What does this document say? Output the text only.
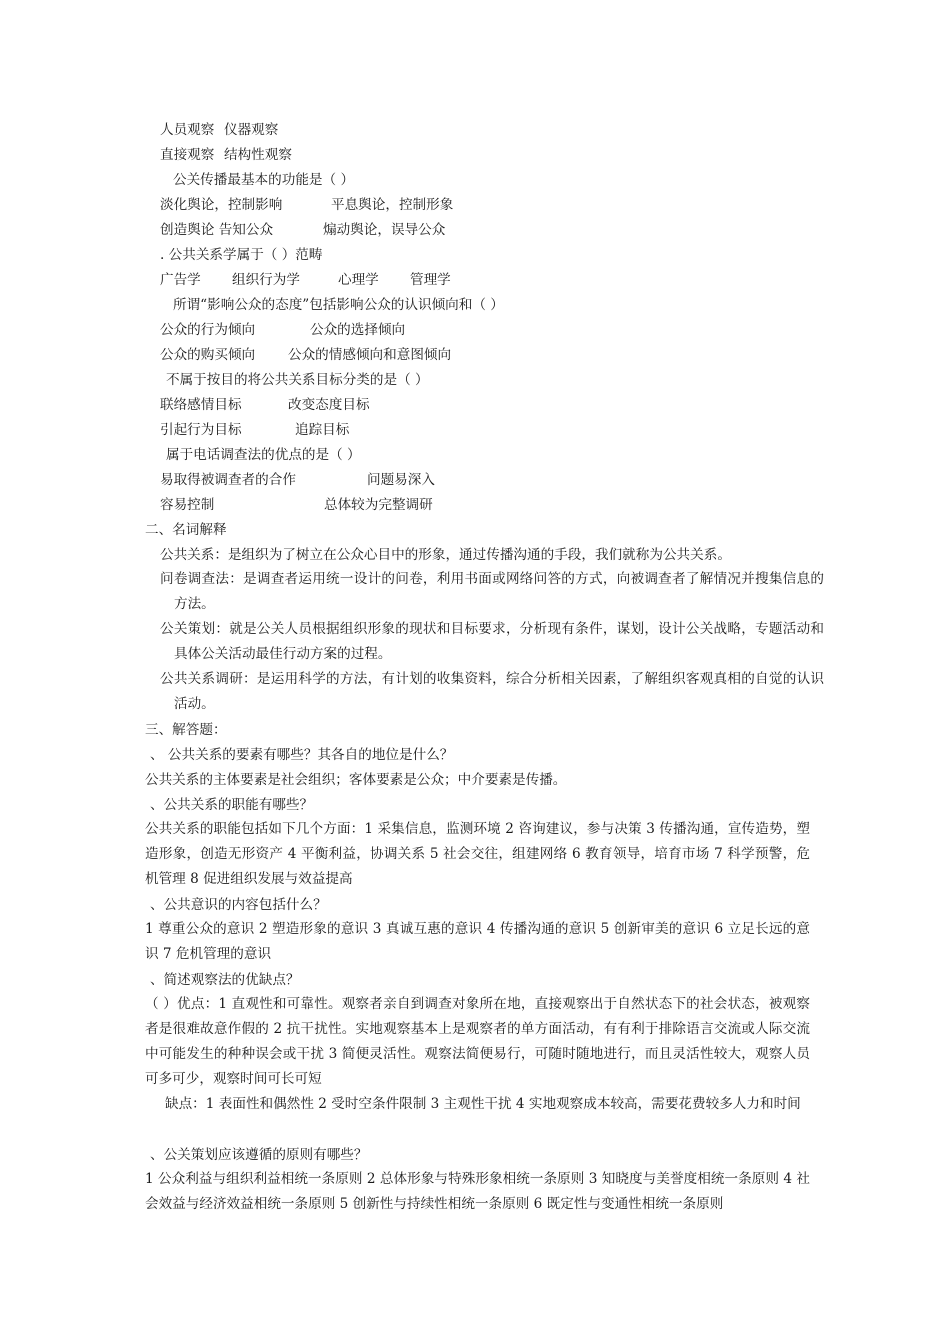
人员观察 仪器观察
直接观察 结构性观察
公关传播最基本的功能是（ ）
淡化舆论，控制影响	平息舆论，控制形象
创造舆论 告知公众	煽动舆论，误导公众
. 公共关系学属于（ ）范畴
广告学 组织行为学	心理学 管理学
所谓“影响公众的态度”包括影响公众的认识倾向和（ ）
公众的行为倾向	公众的选择倾向
公众的购买倾向 公众的情感倾向和意图倾向
不属于按目的将公共关系目标分类的是（ ）
联络感情目标	改变态度目标
引起行为目标	追踪目标
属于电话调查法的优点的是（ ）
易取得被调查者的合作	问题易深入
容易控制	总体较为完整调研
二、名词解释
公共关系：是组织为了树立在公众心目中的形象，通过传播沟通的手段，我们就称为公共关系。
问卷调查法：是调查者运用统一设计的问卷，利用书面或网络问答的方式，向被调查者了解情况并搜集信息的方法。
公关策划：就是公关人员根据组织形象的现状和目标要求，分析现有条件，谋划，设计公关战略，专题活动和具体公关活动最佳行动方案的过程。
公共关系调研：是运用科学的方法，有计划的收集资料，综合分析相关因素，了解组织客观真相的自觉的认识活动。
三、解答题：
、 公共关系的要素有哪些？其各自的地位是什么？
公共关系的主体要素是社会组织；客体要素是公众；中介要素是传播。
、公共关系的职能有哪些？
公共关系的职能包括如下几个方面：1 采集信息，监测环境 2 咨询建议，参与决策 3 传播沟通，宣传造势，塑造形象，创造无形资产 4 平衡利益，协调关系 5 社会交往，组建网络 6 教育领导，培育市场 7 科学预警，危机管理 8 促进组织发展与效益提高
、公共意识的内容包括什么？
1 尊重公众的意识 2 塑造形象的意识 3 真诚互惠的意识 4 传播沟通的意识 5 创新审美的意识 6 立足长远的意识 7 危机管理的意识
、简述观察法的优缺点？
（ ）优点：1 直观性和可靠性。观察者亲自到调查对象所在地，直接观察出于自然状态下的社会状态，被观察者是很难故意作假的 2 抗干扰性。实地观察基本上是观察者的单方面活动，有有利于排除语言交流或人际交流中可能发生的种种误会或干扰 3 简便灵活性。观察法简便易行，可随时随地进行，而且灵活性较大，观察人员可多可少，观察时间可长可短
缺点：1 表面性和偶然性 2 受时空条件限制 3 主观性干扰 4 实地观察成本较高，需要花费较多人力和时间
、公关策划应该遵循的原则有哪些？
1 公众利益与组织利益相统一条原则 2 总体形象与特殊形象相统一条原则 3 知晓度与美誉度相统一条原则 4 社会效益与经济效益相统一条原则 5 创新性与持续性相统一条原则 6 既定性与变通性相统一条原则
